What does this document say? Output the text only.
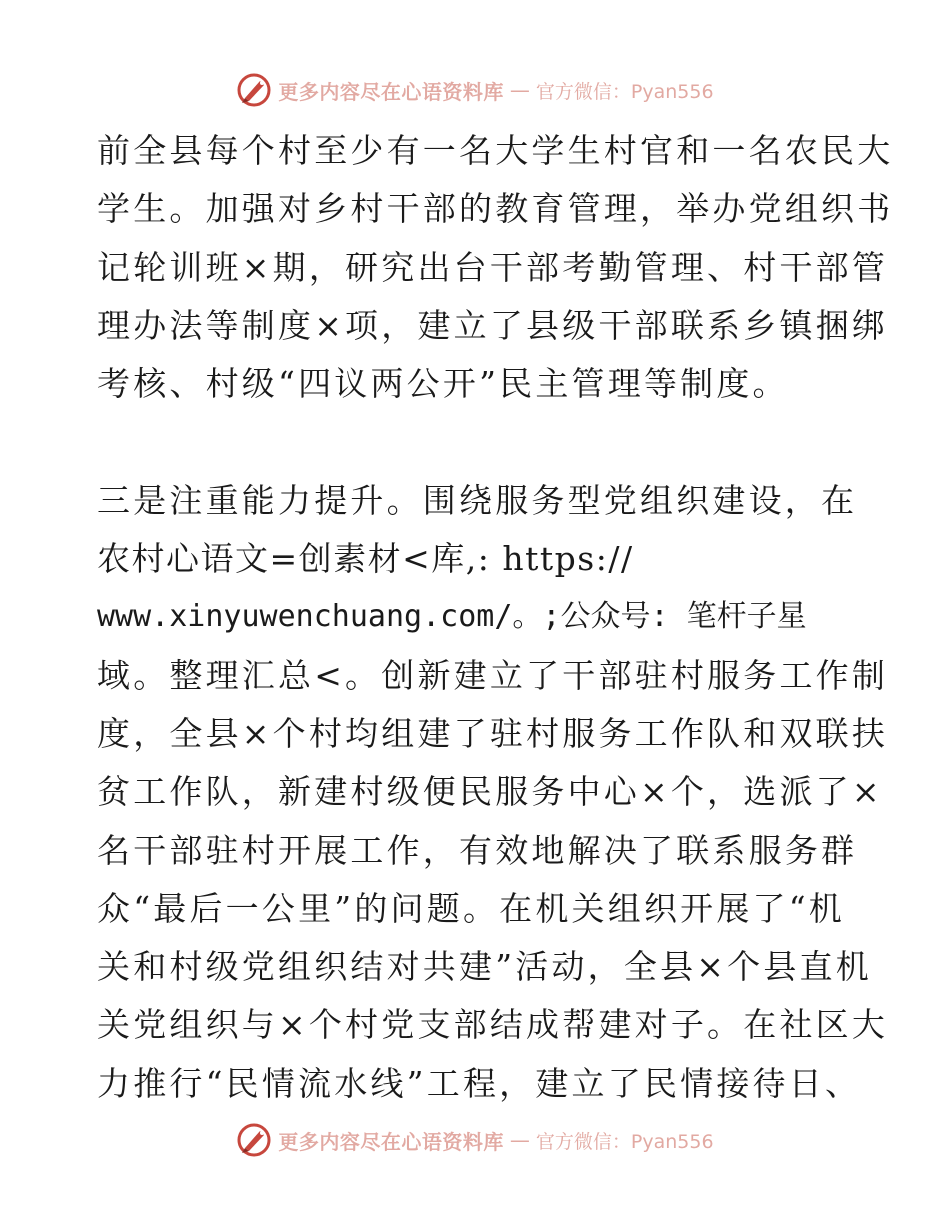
更多内容尽在心语资料库 — 官方微信：Pyan556
前全县每个村至少有一名大学生村官和一名农民大
学生。加强对乡村干部的教育管理，举办党组织书
记轮训班×期，研究出台干部考勤管理、村干部管
理办法等制度×项，建立了县级干部联系乡镇捆绑
考核、村级“四议两公开”民主管理等制度。
三是注重能力提升。围绕服务型党组织建设，在
农村心语文=创素材<库,: https://
www.xinyuwenchuang.com/。;公众号: 笔杆子星
域。整理汇总<。创新建立了干部驻村服务工作制
度，全县×个村均组建了驻村服务工作队和双联扶
贫工作队，新建村级便民服务中心×个，选派了×
名干部驻村开展工作，有效地解决了联系服务群
众“最后一公里”的问题。在机关组织开展了“机
关和村级党组织结对共建”活动，全县×个县直机
关党组织与×个村党支部结成帮建对子。在社区大
力推行“民情流水线”工程，建立了民情接待日、
更多内容尽在心语资料库 — 官方微信：Pyan556
